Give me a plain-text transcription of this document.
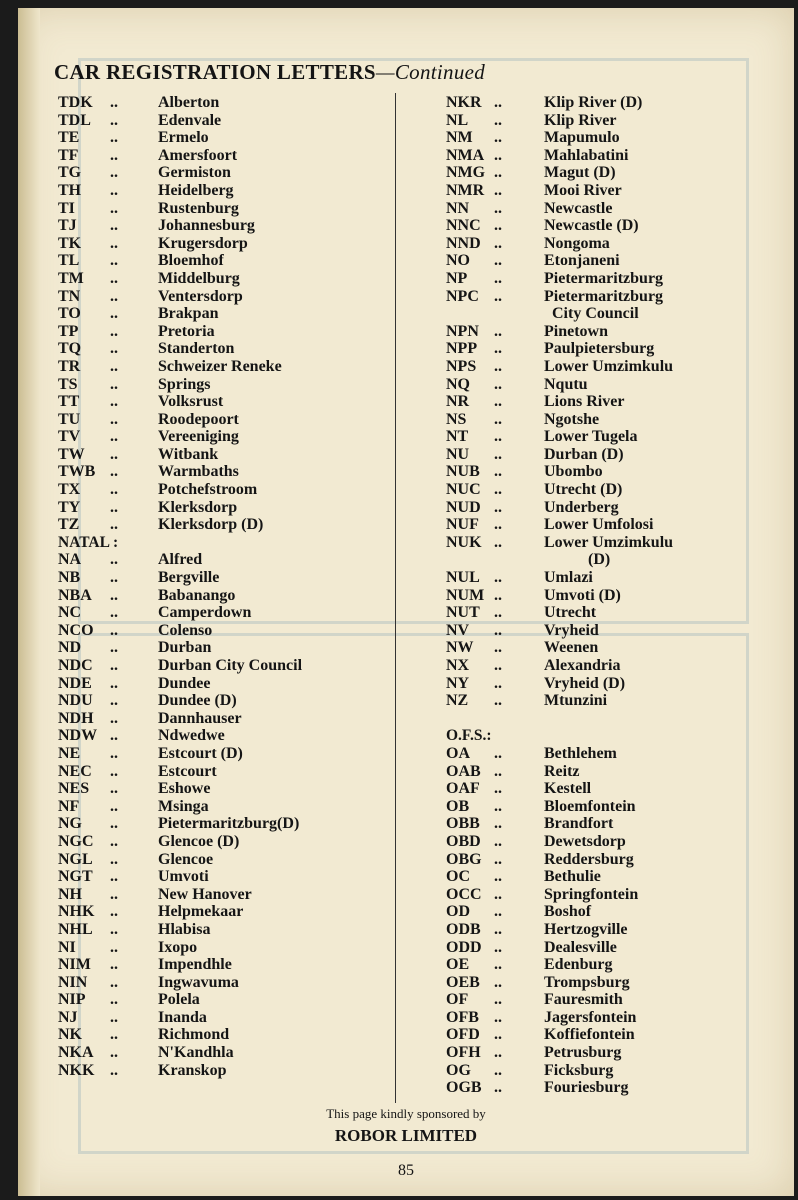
CAR REGISTRATION LETTERS—Continued
TDK	..	Alberton
TDL	..	Edenvale
TE	..	Ermelo
TF	..	Amersfoort
TG	..	Germiston
TH	..	Heidelberg
TI	..	Rustenburg
TJ	..	Johannesburg
TK	..	Krugersdorp
TL	..	Bloemhof
TM	..	Middelburg
TN	..	Ventersdorp
TO	..	Brakpan
TP	..	Pretoria
TQ	..	Standerton
TR	..	Schweizer Reneke
TS	..	Springs
TT	..	Volksrust
TU	..	Roodepoort
TV	..	Vereeniging
TW	..	Witbank
TWB ..	Warmbaths
TX	..	Potchefstroom
TY	..	Klerksdorp
TZ	..	Klerksdorp (D)
NATAL :
NA	..	Alfred
NB	..	Bergville
NBA	..	Babanango
NC	..	Camperdown
NCO	..	Colenso
ND	..	Durban
NDC	..	Durban City Council
NDE	..	Dundee
NDU	..	Dundee (D)
NDH	..	Dannhauser
NDW ..	Ndwedwe
NE	..	Estcourt (D)
NEC	..	Estcourt
NES	..	Eshowe
NF	..	Msinga
NG	..	Pietermaritzburg(D)
NGC	..	Glencoe (D)
NGL	..	Glencoe
NGT	..	Umvoti
NH	..	New Hanover
NHK ..	Helpmekaar
NHL	..	Hlabisa
NI	..	Ixopo
NIM	..	Impendhle
NIN	..	Ingwavuma
NIP	..	Polela
NJ	..	Inanda
NK	..	Richmond
NKA	..	N'Kandhla
NKK ..	Kranskop
NKR ..	Klip River (D)
NL	..	Klip River
NM	..	Mapumulo
NMA ..	Mahlabatini
NMG ..	Magut (D)
NMR ..	Mooi River
NN	..	Newcastle
NNC ..	Newcastle (D)
NND ..	Nongoma
NO	..	Etonjaneni
NP	..	Pietermaritzburg
NPC ..	Pietermaritzburg
City Council
NPN ..	Pinetown
NPP	..	Paulpietersburg
NPS	..	Lower Umzimkulu
NQ	..	Nqutu
NR	..	Lions River
NS	..	Ngotshe
NT	..	Lower Tugela
NU	..	Durban (D)
NUB ..	Ubombo
NUC ..	Utrecht (D)
NUD ..	Underberg
NUF ..	Lower Umfolosi
NUK ..	Lower Umzimkulu
(D)
NUL ..	Umlazi
NUM ..	Umvoti (D)
NUT ..	Utrecht
NV	..	Vryheid
NW	..	Weenen
NX	..	Alexandria
NY	..	Vryheid (D)
NZ	..	Mtunzini
O.F.S.:
OA	..	Bethlehem
OAB ..	Reitz
OAF ..	Kestell
OB	..	Bloemfontein
OBB ..	Brandfort
OBD ..	Dewetsdorp
OBG ..	Reddersburg
OC	..	Bethulie
OCC ..	Springfontein
OD	..	Boshof
ODB ..	Hertzogville
ODD ..	Dealesville
OE	..	Edenburg
OEB ..	Trompsburg
OF	..	Fauresmith
OFB ..	Jagersfontein
OFD ..	Koffiefontein
OFH ..	Petrusburg
OG	..	Ficksburg
OGB ..	Fouriesburg
This page kindly sponsored by
ROBOR LIMITED
85
